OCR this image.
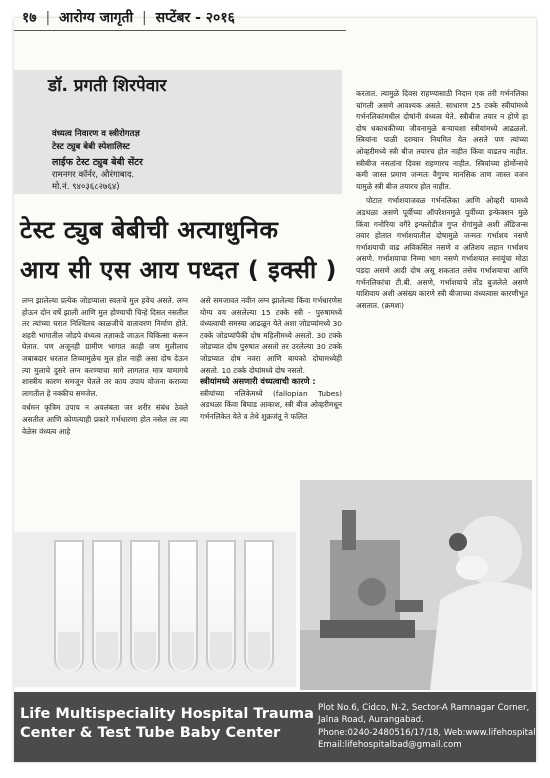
१७ | आरोग्य जागृती | सप्टेंबर - २०१६
डॉ. प्रगती शिरपेवार
वंध्यत्व निवारण व स्त्रीरोगतज्ञ
टेस्ट ट्युब बेबी स्पेशालिस्ट
लाईफ टेस्ट ट्युब बेबी सेंटर
रामनगर कॉर्नर, औरंगाबाद.
मो.नं. ९४०३६८२७६४)
टेस्ट ट्युब बेबीची अत्याधुनिक
आय सी एस आय पध्दत ( इक्सी )

लग्न झालेल्या प्रत्येक जोडप्याला स्वतःचे मुल हवेच असते. लग्न होऊन दोन वर्षे झाली आणि मुल होण्याची चिन्हे दिसत नसतील तर त्यांच्या घरात निश्चितच काळजीचे वातावरण निर्माण होते. शहरी भागातील जोडपे वंध्यत्व तज्ञाकडे जाऊन चिकित्सा करून घेतात. पण अजूनही ग्रामीण भागात काही जण मुलीलाच जबाबदार धरतात तिच्यामुळेच मुल होत नाही असा दोष देऊन त्या मुलाचे दुसरे लग्न करण्याचा मागे लागतात मात्र यामागचे शास्त्रीय कारण समजून घेतले तर काय उपाय योजना कराव्या लागतील हे नक्कीच समजेल.

वर्धमन कृत्रिम उपाय न अवलंबता जर शरीर संबंध ठेवले असतील आणि कोणत्याही प्रकारे गर्भधारणा होत नसेल तर त्या वेळेस वंध्यत्व आहे

असे समजावत नवीन लग्न झालेल्या किंवा गर्भधारणेस योग्य वय असलेल्या 15 टक्के स्त्री - पुरुषामध्ये वंध्यत्वाची समस्या आढळून येते अशा जोडप्यांमध्ये 30 टक्के जोडप्यांपैकी दोष महिलीमध्ये असतो. 30 टक्के जोडप्यात दोष पुरुषात असतो तर उरलेल्या 30 टक्के जोडप्यात दोष नवरा आणि बायको दोघामध्येही असतो. 10 टक्के दोघांमध्ये दोष नसतो.

स्त्रीयांमध्ये असणारी वंध्यत्वाची कारणे :

स्त्रीयांच्या नलिकेमध्ये (fallopian Tubes) अडथळा किंवा बिघाड आकाश, स्त्री बीज ओव्हरीमधून गर्भनलिकेत येते व तेथे शुक्रजंतू ने फलित

करतात. त्यामुळे दिवस राहण्यासाठी निदान एक तरी गर्भनलिका चांगली असणे आवश्यक असते. साधारण 25 टक्के स्त्रीयांमध्ये गर्भनलिकांमधील दोषांनी वंध्यत्व येते. स्त्रीबीज तयार न होणे हा दोष धकाधकीच्या जीवनामुळे बऱ्याचशा स्त्रीयांमध्ये आढळतो. स्त्रियांना पाळी दरम्यान नियमित येत असते पण त्यांच्या ओव्हरीमध्ये स्त्री बीज तयारच होत नाहीत किंवा वाढतच नाहीत. स्त्रीबीज नसतांना दिवस राहणारच नाहीत. स्त्रियांच्या होर्मोन्सचे कमी जास्त प्रमाण जन्मतः वैगुण्य मानसिक ताण जास्त वजन यामुळे स्त्री बीज तयारच होत नाहीत.

पोटात गर्भाशयाजवळ गर्भनलिका आणि ओव्हरी यामध्ये अडथळा असणे पूर्वीच्या ऑपरेशनमुळे पूर्वीच्या इन्फेक्शन मुळे किंवा गनोरिया वगैरे इन्फ्लोडीज गुप्त रोगांमुळे अशी ॲडिजन्स तयार होतात गर्भाशयातील दोषामुळे जन्मतः गर्भाशय नसणे गर्भाशयाची वाढ अविकसित नसणे व अतिशय लहान गर्भाशय असणे. गर्भाशयाचा निम्मा भाग नसणे गर्भाशयात स्नायूंचा मोठा पडदा असणे आदी दोष असू शकतात तसेच गर्भाशयाचा आणि गर्भनलिकांचा टी.बी. असणे, गर्भाशयाचे तोंड बुजलेले असणे याशिवाय अशी असंख्य कारणे स्त्री बीजाच्या वंध्यत्वास कारणीभूत असतात. (क्रमशः)

Life Multispeciality Hospital Trauma
Center & Test Tube Baby Center
Plot No.6, Cidco, N-2, Sector-A Ramnagar Corner,
Jalna Road, Aurangabad.
Phone:0240-2480516/17/18, Web:www.lifehospital.in
Email:lifehospitalbad@gmail.com
